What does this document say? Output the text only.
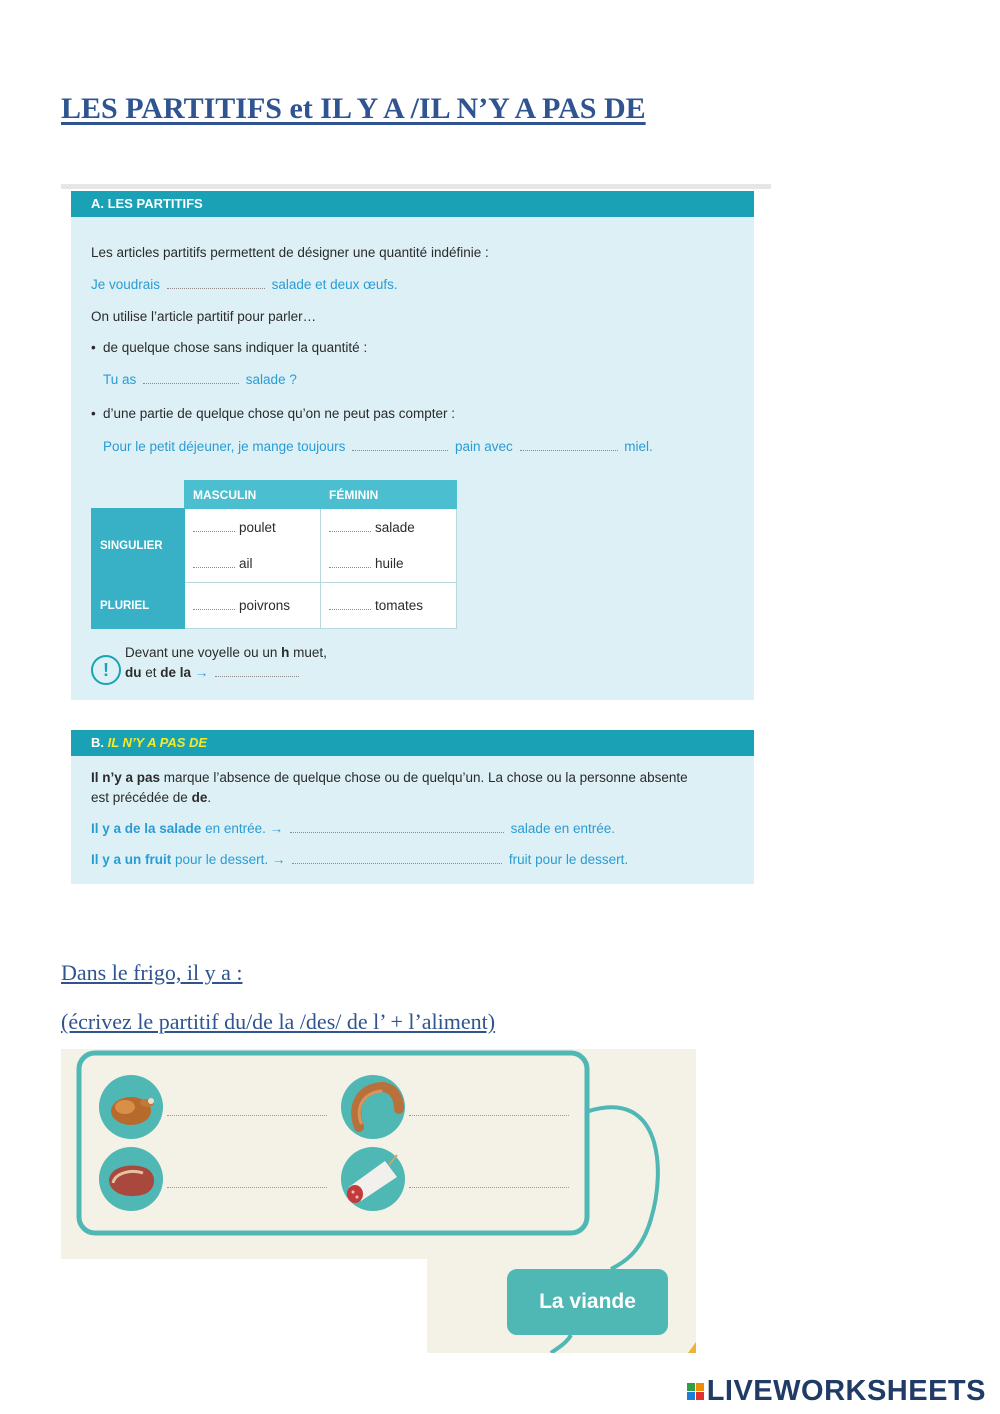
LES PARTITIFS et IL Y A /IL N’Y A PAS DE
A. LES PARTITIFS
Les articles partitifs permettent de désigner une quantité indéfinie :
Je voudrais	salade et deux œufs.
On utilise l’article partitif pour parler…
• de quelque chose sans indiquer la quantité :
Tu as	salade ?
• d’une partie de quelque chose qu’on ne peut pas compter :
Pour le petit déjeuner, je mange toujours	pain avec	miel.
	MASCULIN	FÉMININ
SINGULIER	poulet	salade
	ail	huile
PLURIEL	poivrons	tomates
!
Devant une voyelle ou un h muet,
du et de la →
B. IL N’Y A PAS DE
Il n’y a pas marque l’absence de quelque chose ou de quelqu’un. La chose ou la personne absente
est précédée de de.
Il y a de la salade en entrée. →	salade en entrée.
Il y a un fruit pour le dessert. →	fruit pour le dessert.
Dans le frigo, il y a :
(écrivez le partitif du/de la /des/ de l’ + l’aliment)
La viande
LIVEWORKSHEETS
